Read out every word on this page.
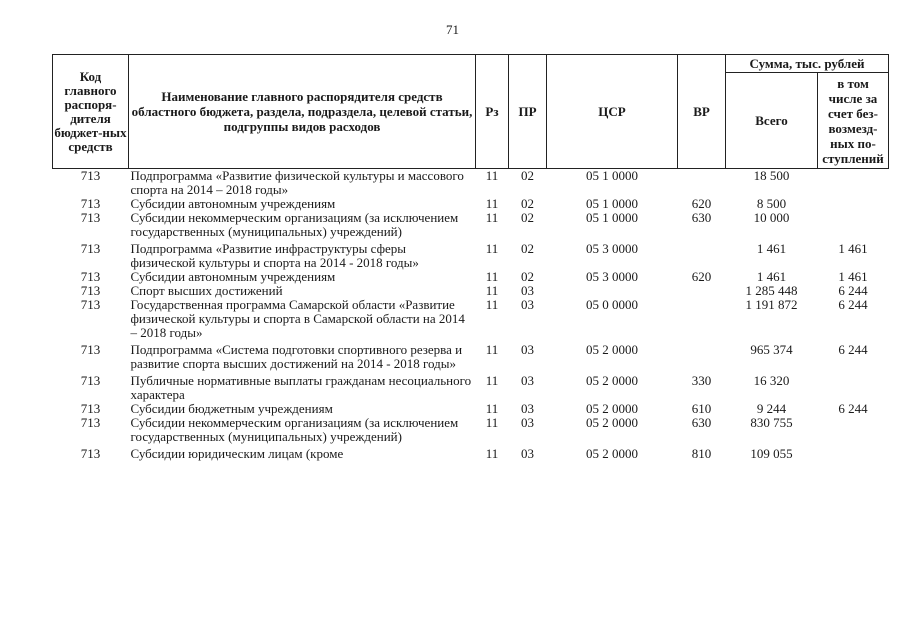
71
Код главного распоря-дителя бюджет-ных средств	Наименование главного распорядителя средств областного бюджета, раздела, подраздела, целевой статьи, подгруппы видов расходов	Рз	ПР	ЦСР	ВР	Сумма, тыс. рублей	
						Всего	в том числе за счет без-возмезд-ных по-ступлений
713	Подпрограмма «Развитие физической культуры и массового спорта на 2014 – 2018 годы»	11	02	05 1 0000		18 500	
713	Субсидии автономным учреждениям	11	02	05 1 0000	620	8 500	
713	Субсидии некоммерческим организациям (за исключением государственных (муниципальных) учреждений)	11	02	05 1 0000	630	10 000	
713	Подпрограмма «Развитие инфраструктуры сферы физической культуры и спорта на 2014 - 2018 годы»	11	02	05 3 0000		1 461	1 461
713	Субсидии автономным учреждениям	11	02	05 3 0000	620	1 461	1 461
713	Спорт высших достижений	11	03			1 285 448	6 244
713	Государственная программа Самарской области «Развитие физической культуры и спорта в Самарской области на 2014 – 2018 годы»	11	03	05 0 0000		1 191 872	6 244
713	Подпрограмма «Система подготовки спортивного резерва и развитие спорта высших достижений на 2014 - 2018 годы»	11	03	05 2 0000		965 374	6 244
713	Публичные нормативные выплаты гражданам несоциального характера	11	03	05 2 0000	330	16 320	
713	Субсидии бюджетным учреждениям	11	03	05 2 0000	610	9 244	6 244
713	Субсидии некоммерческим организациям (за исключением государственных (муниципальных) учреждений)	11	03	05 2 0000	630	830 755	
713	Субсидии юридическим лицам (кроме	11	03	05 2 0000	810	109 055	
